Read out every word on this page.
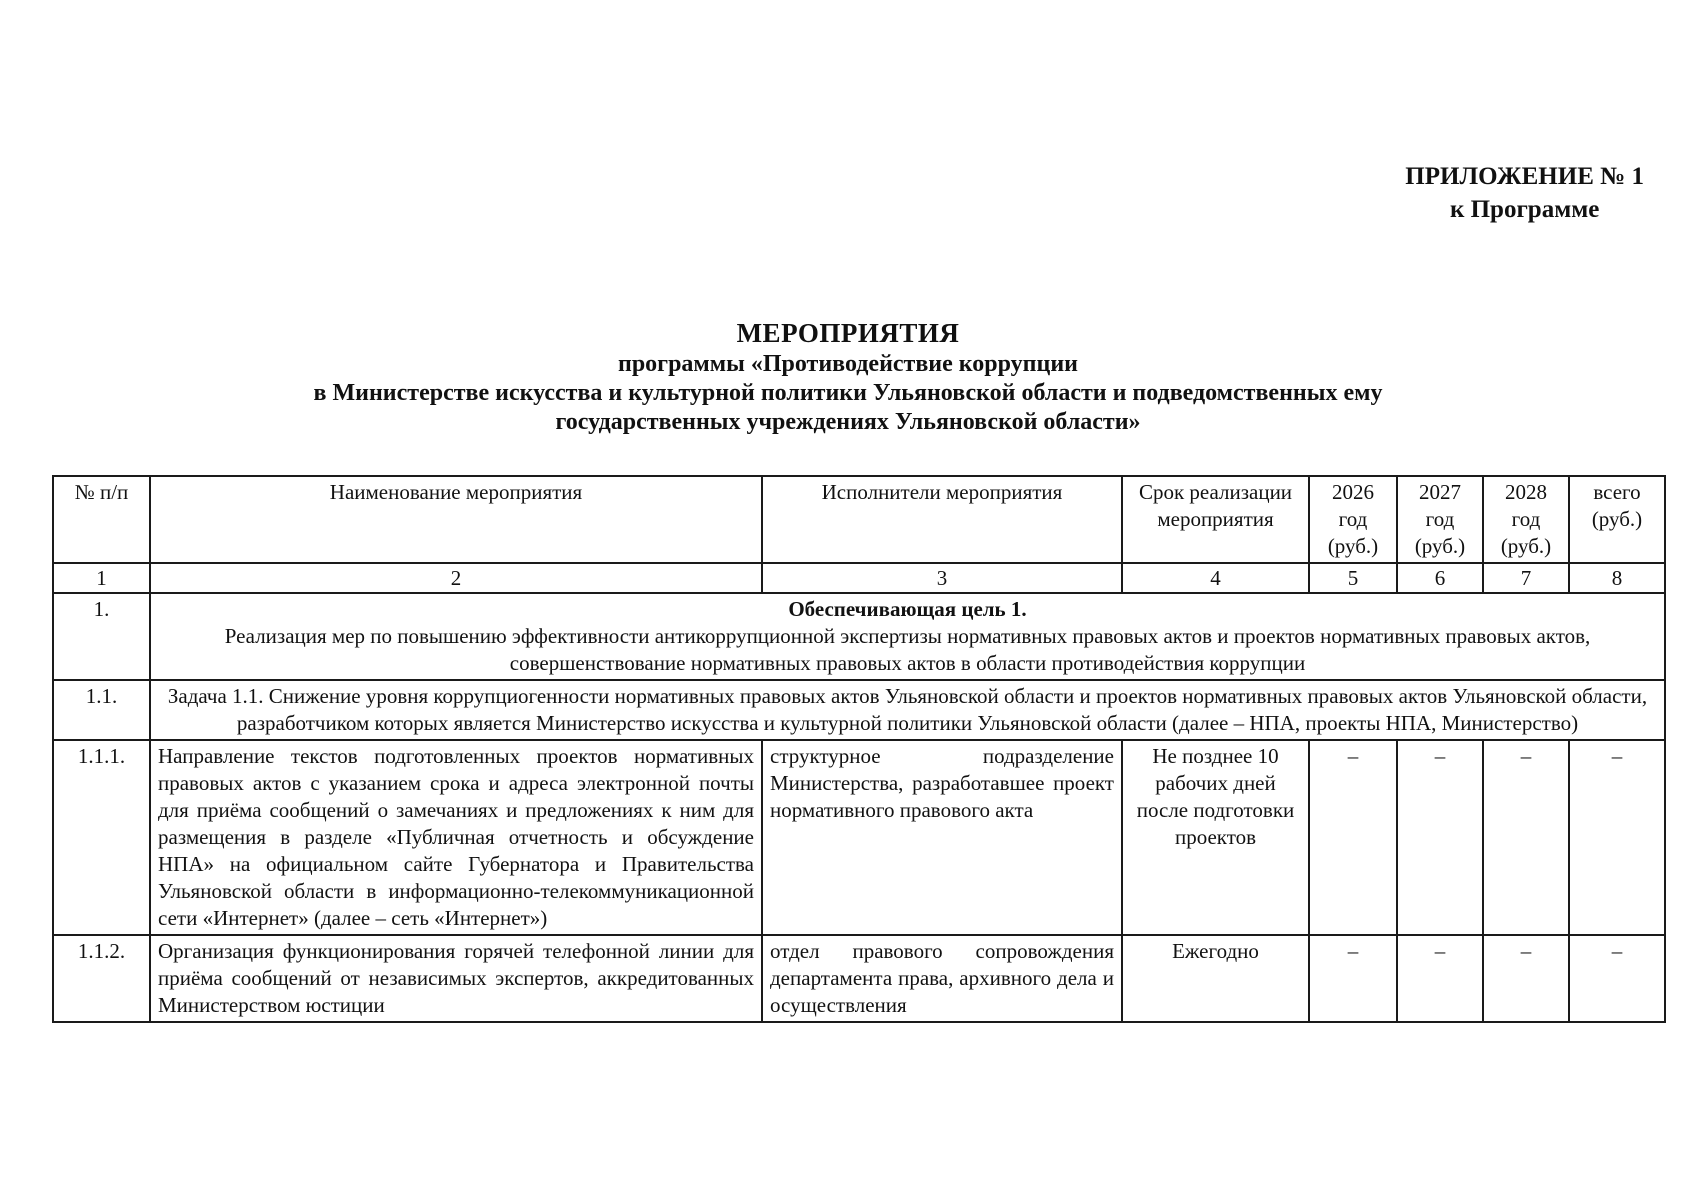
ПРИЛОЖЕНИЕ № 1
к Программе
МЕРОПРИЯТИЯ
программы «Противодействие коррупции
в Министерстве искусства и культурной политики Ульяновской области и подведомственных ему
государственных учреждениях Ульяновской области»
№ п/п	Наименование мероприятия	Исполнители мероприятия	Срок реализации мероприятия	2026 год (руб.)	2027 год (руб.)	2028 год (руб.)	всего (руб.)
1	2	3	4	5	6	7	8
1.	Обеспечивающая цель 1.
Реализация мер по повышению эффективности антикоррупционной экспертизы нормативных правовых актов и проектов нормативных правовых актов, совершенствование нормативных правовых актов в области противодействия коррупции						

1.1.	Задача 1.1. Снижение уровня коррупциогенности нормативных правовых актов Ульяновской области и проектов нормативных правовых актов Ульяновской области, разработчиком которых является Министерство искусства и культурной политики Ульяновской области (далее – НПА, проекты НПА, Министерство)						
1.1.1.	Направление текстов подготовленных проектов нормативных правовых актов с указанием срока и адреса электронной почты для приёма сообщений о замечаниях и предложениях к ним для размещения в разделе «Публичная отчетность и обсуждение НПА» на официальном сайте Губернатора и Правительства Ульяновской области в информационно-телекоммуникационной сети «Интернет» (далее – сеть «Интернет»)	структурное подразделение Министерства, разработавшее проект нормативного правового акта	Не позднее 10 рабочих дней после подготовки проектов	–	–	–	–
1.1.2.	Организация функционирования горячей телефонной линии для приёма сообщений от независимых экспертов, аккредитованных Министерством юстиции	отдел правового сопровождения департамента права, архивного дела и осуществления	Ежегодно	–	–	–	–
